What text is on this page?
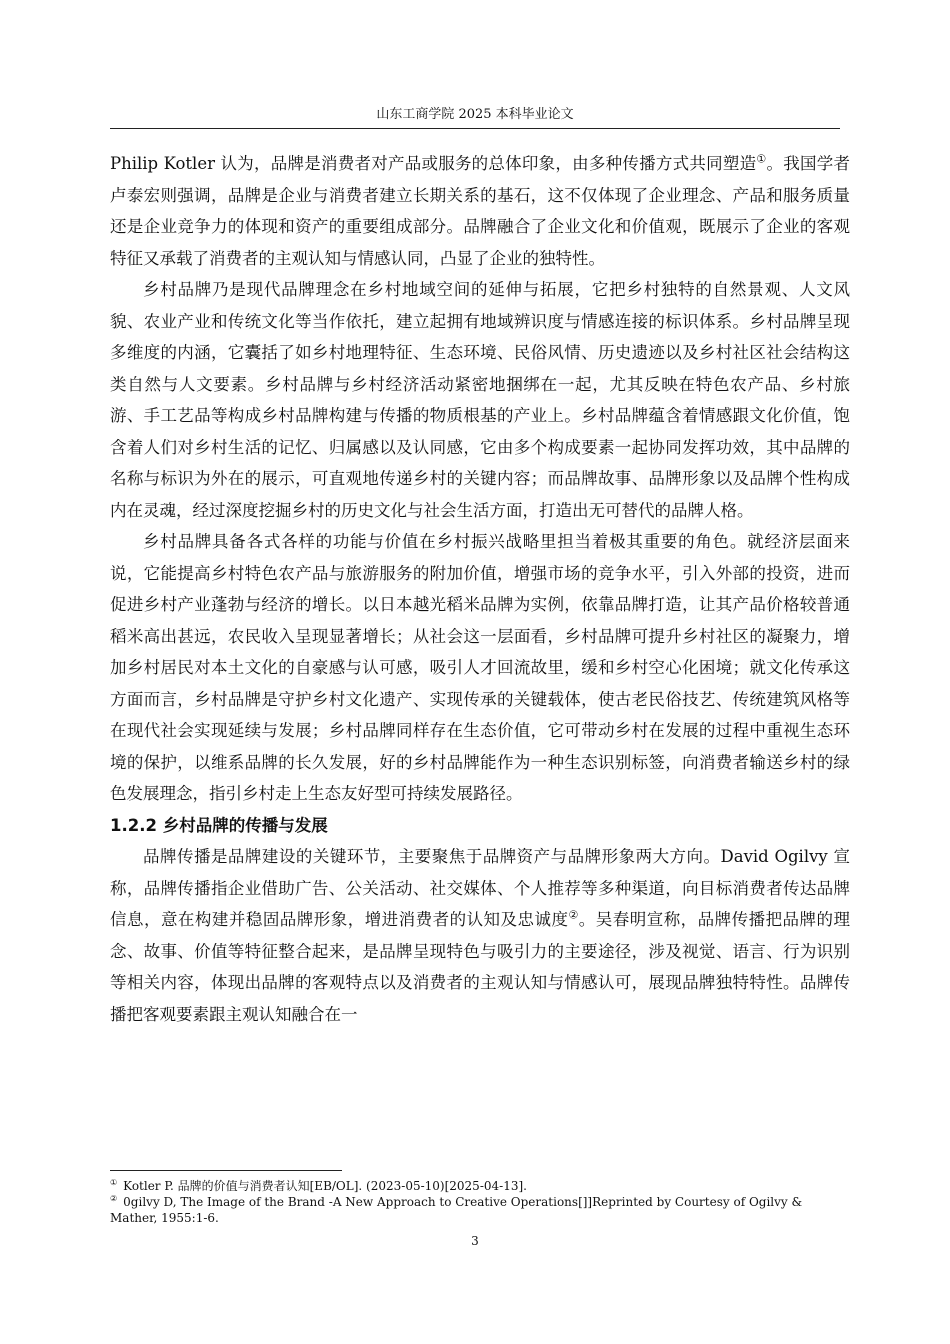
山东工商学院 2025 本科毕业论文

Philip Kotler 认为，品牌是消费者对产品或服务的总体印象，由多种传播方式共同塑造①。我国学者卢泰宏则强调，品牌是企业与消费者建立长期关系的基石，这不仅体现了企业理念、产品和服务质量还是企业竞争力的体现和资产的重要组成部分。品牌融合了企业文化和价值观，既展示了企业的客观特征又承载了消费者的主观认知与情感认同，凸显了企业的独特性。

乡村品牌乃是现代品牌理念在乡村地域空间的延伸与拓展，它把乡村独特的自然景观、人文风貌、农业产业和传统文化等当作依托，建立起拥有地域辨识度与情感连接的标识体系。乡村品牌呈现多维度的内涵，它囊括了如乡村地理特征、生态环境、民俗风情、历史遗迹以及乡村社区社会结构这类自然与人文要素。乡村品牌与乡村经济活动紧密地捆绑在一起，尤其反映在特色农产品、乡村旅游、手工艺品等构成乡村品牌构建与传播的物质根基的产业上。乡村品牌蕴含着情感跟文化价值，饱含着人们对乡村生活的记忆、归属感以及认同感，它由多个构成要素一起协同发挥功效，其中品牌的名称与标识为外在的展示，可直观地传递乡村的关键内容；而品牌故事、品牌形象以及品牌个性构成内在灵魂，经过深度挖掘乡村的历史文化与社会生活方面，打造出无可替代的品牌人格。

乡村品牌具备各式各样的功能与价值在乡村振兴战略里担当着极其重要的角色。就经济层面来说，它能提高乡村特色农产品与旅游服务的附加价值，增强市场的竞争水平，引入外部的投资，进而促进乡村产业蓬勃与经济的增长。以日本越光稻米品牌为实例，依靠品牌打造，让其产品价格较普通稻米高出甚远，农民收入呈现显著增长；从社会这一层面看，乡村品牌可提升乡村社区的凝聚力，增加乡村居民对本土文化的自豪感与认可感，吸引人才回流故里，缓和乡村空心化困境；就文化传承这方面而言，乡村品牌是守护乡村文化遗产、实现传承的关键载体，使古老民俗技艺、传统建筑风格等在现代社会实现延续与发展；乡村品牌同样存在生态价值，它可带动乡村在发展的过程中重视生态环境的保护，以维系品牌的长久发展，好的乡村品牌能作为一种生态识别标签，向消费者输送乡村的绿色发展理念，指引乡村走上生态友好型可持续发展路径。

1.2.2 乡村品牌的传播与发展

品牌传播是品牌建设的关键环节，主要聚焦于品牌资产与品牌形象两大方向。David Ogilvy 宣称，品牌传播指企业借助广告、公关活动、社交媒体、个人推荐等多种渠道，向目标消费者传达品牌信息，意在构建并稳固品牌形象，增进消费者的认知及忠诚度②。吴春明宣称，品牌传播把品牌的理念、故事、价值等特征整合起来，是品牌呈现特色与吸引力的主要途径，涉及视觉、语言、行为识别等相关内容，体现出品牌的客观特点以及消费者的主观认知与情感认可，展现品牌独特特性。品牌传播把客观要素跟主观认知融合在一

① Kotler P. 品牌的价值与消费者认知[EB/OL]. (2023-05-10)[2025-04-13].

② 0gilvy D, The Image of the Brand -A New Approach to Creative Operations[]]Reprinted by Courtesy of Ogilvy & Mather, 1955:1-6.

3
